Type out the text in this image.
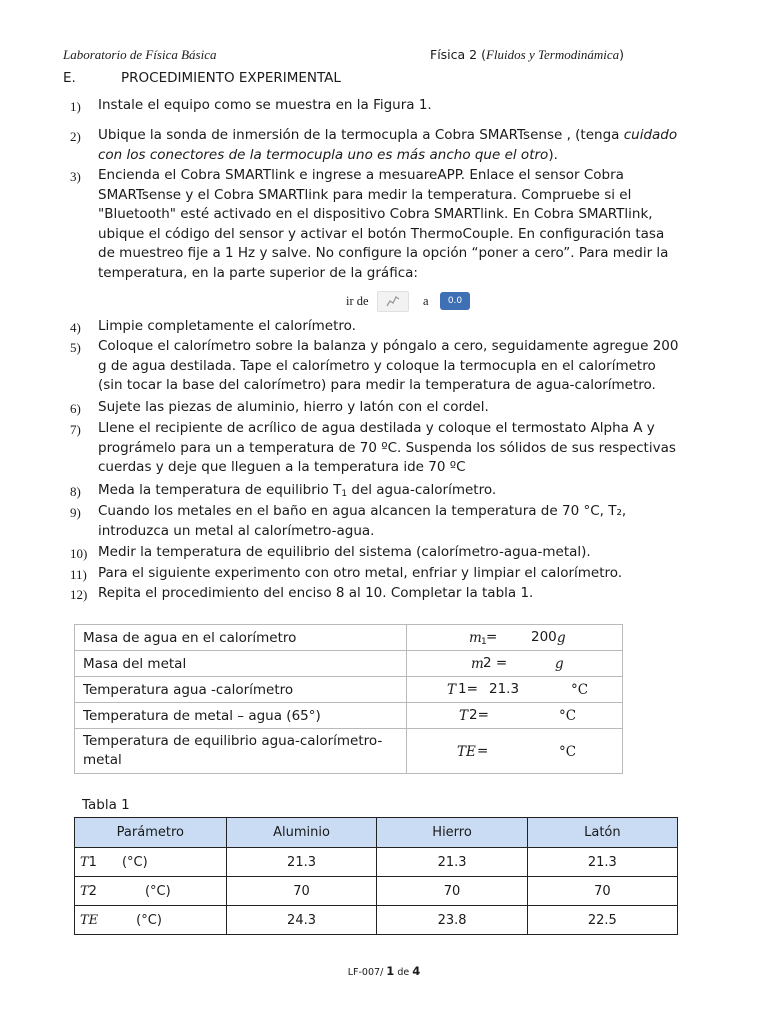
Laboratorio de Física Básica	Física 2 (Fluidos y Termodinámica)
E.	PROCEDIMIENTO EXPERIMENTAL
1) Instale el equipo como se muestra en la Figura 1.
2) Ubique la sonda de inmersión de la termocupla a Cobra SMARTsense , (tenga cuidado con los conectores de la termocupla uno es más ancho que el otro).
3) Encienda el Cobra SMARTlink e ingrese a mesuareAPP. Enlace el sensor Cobra SMARTsense y el Cobra SMARTlink para medir la temperatura. Compruebe si el "Bluetooth" esté activado en el dispositivo Cobra SMARTlink. En Cobra SMARTlink, ubique el código del sensor y activar el botón ThermoCouple. En configuración tasa de muestreo fije a 1 Hz y salve. No configure la opción “poner a cero”. Para medir la temperatura, en la parte superior de la gráfica:
ir de	a	0.0
4) Limpie completamente el calorímetro.
5) Coloque el calorímetro sobre la balanza y póngalo a cero, seguidamente agregue 200 g de agua destilada. Tape el calorímetro y coloque la termocupla en el calorímetro (sin tocar la base del calorímetro) para medir la temperatura de agua-calorímetro.
6) Sujete las piezas de aluminio, hierro y latón con el cordel.
7) Llene el recipiente de acrílico de agua destilada y coloque el termostato Alpha A y prográmelo para un a temperatura de 70 ºC. Suspenda los sólidos de sus respectivas cuerdas y deje que lleguen a la temperatura ide 70 ºC
8) Meda la temperatura de equilibrio $T_1$ del agua-calorímetro.
9) Cuando los metales en el baño en agua alcancen la temperatura de 70 °C, T₂, introduzca un metal al calorímetro-agua.
10) Medir la temperatura de equilibrio del sistema (calorímetro-agua-metal).
11) Para el siguiente experimento con otro metal, enfriar y limpiar el calorímetro.
12) Repita el procedimiento del enciso 8 al 10. Completar la tabla 1.
Masa de agua en el calorímetro	m 1 = 200 g

Masa del metal	m 2 = g

Temperatura agua -calorímetro	T 1= 21.3 °C

Temperatura de metal – agua (65°)	T 2= °C

Temperatura de equilibrio agua-calorímetro-metal	TE = °C
Tabla 1
Parámetro	Aluminio	Hierro	Latón
T1 (°C)	21.3	21.3	21.3
T2 (°C)	70	70	70
TE (°C)	24.3	23.8	22.5
LF-007/ 1 de 4
